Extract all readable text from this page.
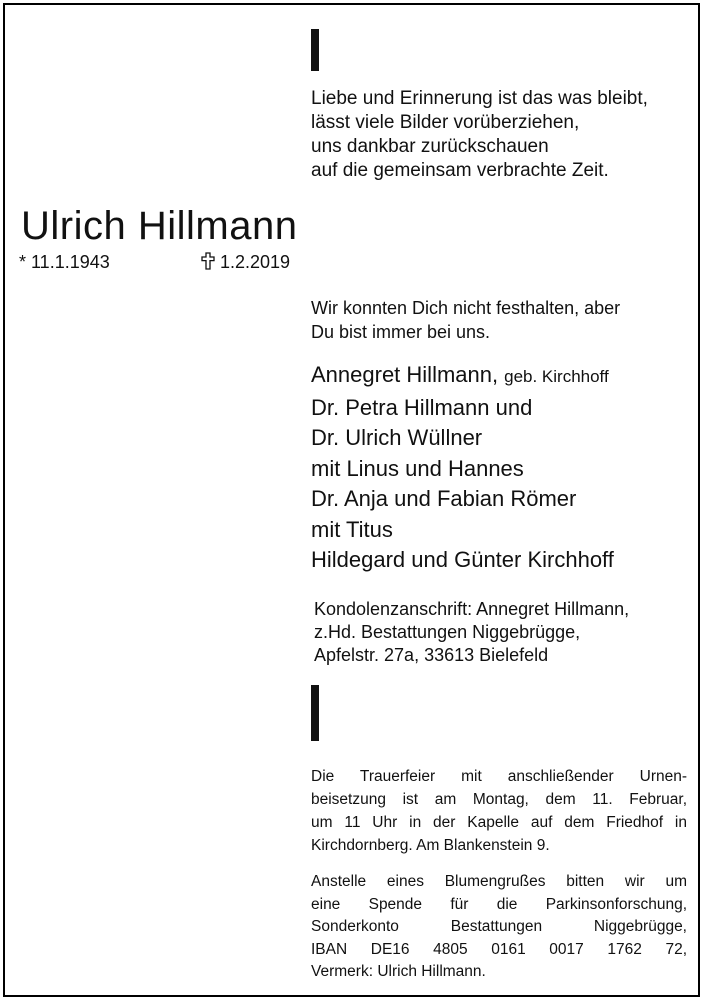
Liebe und Erinnerung ist das was bleibt,
lässt viele Bilder vorüberziehen,
uns dankbar zurückschauen
auf die gemeinsam verbrachte Zeit.
Ulrich Hillmann
* 11.1.1943	1.2.2019
Wir konnten Dich nicht festhalten, aber
Du bist immer bei uns.
Annegret Hillmann, geb. Kirchhoff
Dr. Petra Hillmann und
Dr. Ulrich Wüllner
mit Linus und Hannes
Dr. Anja und Fabian Römer
mit Titus
Hildegard und Günter Kirchhoff
Kondolenzanschrift: Annegret Hillmann,
z.Hd. Bestattungen Niggebrügge,
Apfelstr. 27a, 33613 Bielefeld
Die Trauerfeier mit anschließender Urnen-
beisetzung ist am Montag, dem 11. Februar,
um 11 Uhr in der Kapelle auf dem Friedhof in
Kirchdornberg. Am Blankenstein 9.
Anstelle eines Blumengrußes bitten wir um
eine Spende für die Parkinsonforschung,
Sonderkonto Bestattungen Niggebrügge,
IBAN DE16 4805 0161 0017 1762 72,
Vermerk: Ulrich Hillmann.
